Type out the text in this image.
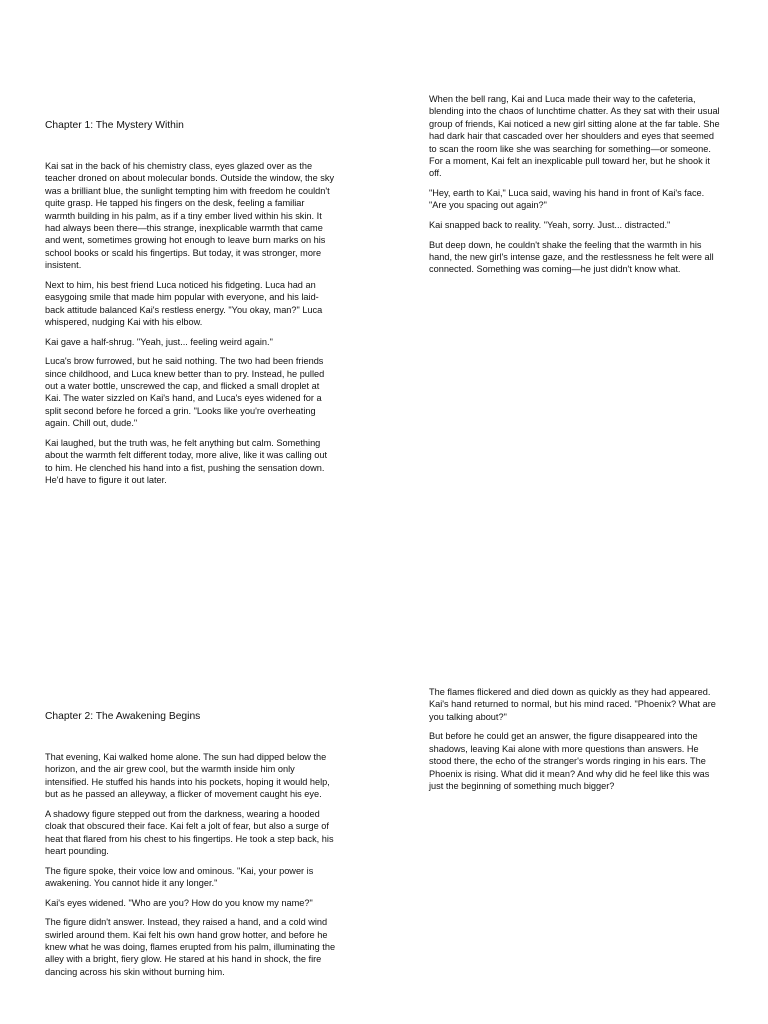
Chapter 1: The Mystery Within

Kai sat in the back of his chemistry class, eyes glazed over as the teacher droned on about molecular bonds. Outside the window, the sky was a brilliant blue, the sunlight tempting him with freedom he couldn't quite grasp. He tapped his fingers on the desk, feeling a familiar warmth building in his palm, as if a tiny ember lived within his skin. It had always been there—this strange, inexplicable warmth that came and went, sometimes growing hot enough to leave burn marks on his school books or scald his fingertips. But today, it was stronger, more insistent.

Next to him, his best friend Luca noticed his fidgeting. Luca had an easygoing smile that made him popular with everyone, and his laid-back attitude balanced Kai's restless energy. "You okay, man?" Luca whispered, nudging Kai with his elbow.

Kai gave a half-shrug. "Yeah, just... feeling weird again."

Luca's brow furrowed, but he said nothing. The two had been friends since childhood, and Luca knew better than to pry. Instead, he pulled out a water bottle, unscrewed the cap, and flicked a small droplet at Kai. The water sizzled on Kai's hand, and Luca's eyes widened for a split second before he forced a grin. "Looks like you're overheating again. Chill out, dude."

Kai laughed, but the truth was, he felt anything but calm. Something about the warmth felt different today, more alive, like it was calling out to him. He clenched his hand into a fist, pushing the sensation down. He'd have to figure it out later.

When the bell rang, Kai and Luca made their way to the cafeteria, blending into the chaos of lunchtime chatter. As they sat with their usual group of friends, Kai noticed a new girl sitting alone at the far table. She had dark hair that cascaded over her shoulders and eyes that seemed to scan the room like she was searching for something—or someone. For a moment, Kai felt an inexplicable pull toward her, but he shook it off.

"Hey, earth to Kai," Luca said, waving his hand in front of Kai's face. "Are you spacing out again?"

Kai snapped back to reality. "Yeah, sorry. Just... distracted."

But deep down, he couldn't shake the feeling that the warmth in his hand, the new girl's intense gaze, and the restlessness he felt were all connected. Something was coming—he just didn't know what.

Chapter 2: The Awakening Begins

That evening, Kai walked home alone. The sun had dipped below the horizon, and the air grew cool, but the warmth inside him only intensified. He stuffed his hands into his pockets, hoping it would help, but as he passed an alleyway, a flicker of movement caught his eye.

A shadowy figure stepped out from the darkness, wearing a hooded cloak that obscured their face. Kai felt a jolt of fear, but also a surge of heat that flared from his chest to his fingertips. He took a step back, his heart pounding.

The figure spoke, their voice low and ominous. "Kai, your power is awakening. You cannot hide it any longer."

Kai's eyes widened. "Who are you? How do you know my name?"

The figure didn't answer. Instead, they raised a hand, and a cold wind swirled around them. Kai felt his own hand grow hotter, and before he knew what he was doing, flames erupted from his palm, illuminating the alley with a bright, fiery glow. He stared at his hand in shock, the fire dancing across his skin without burning him.

The flames flickered and died down as quickly as they had appeared. Kai's hand returned to normal, but his mind raced. "Phoenix? What are you talking about?"

But before he could get an answer, the figure disappeared into the shadows, leaving Kai alone with more questions than answers. He stood there, the echo of the stranger's words ringing in his ears. The Phoenix is rising. What did it mean? And why did he feel like this was just the beginning of something much bigger?
